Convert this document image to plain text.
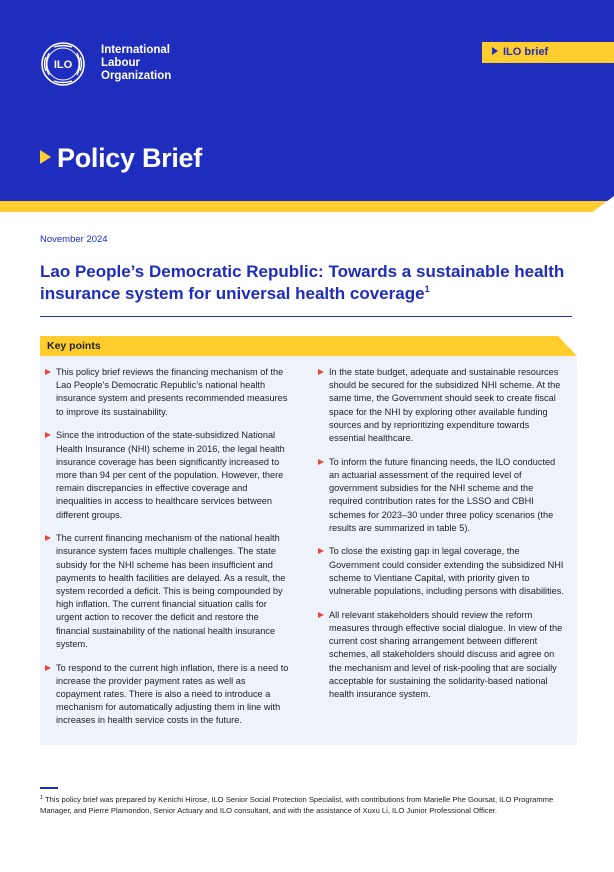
ILO
International
Labour
Organization
ILO brief
Policy Brief
November 2024
Lao People’s Democratic Republic: Towards a sustainable health insurance system for universal health coverage$^1$
Key points
This policy brief reviews the financing mechanism of the Lao People’s Democratic Republic’s national health insurance system and presents recommended measures to improve its sustainability.
Since the introduction of the state-subsidized National Health Insurance (NHI) scheme in 2016, the legal health insurance coverage has been significantly increased to more than 94 per cent of the population. However, there remain discrepancies in effective coverage and inequalities in access to healthcare services between different groups.
The current financing mechanism of the national health insurance system faces multiple challenges. The state subsidy for the NHI scheme has been insufficient and payments to health facilities are delayed. As a result, the system recorded a deficit. This is being compounded by high inflation. The current financial situation calls for urgent action to recover the deficit and restore the financial sustainability of the national health insurance system.
To respond to the current high inflation, there is a need to increase the provider payment rates as well as copayment rates. There is also a need to introduce a mechanism for automatically adjusting them in line with increases in health service costs in the future.
In the state budget, adequate and sustainable resources should be secured for the subsidized NHI scheme. At the same time, the Government should seek to create fiscal space for the NHI by exploring other available funding sources and by reprioritizing expenditure towards essential healthcare.
To inform the future financing needs, the ILO conducted an actuarial assessment of the required level of government subsidies for the NHI scheme and the required contribution rates for the LSSO and CBHI schemes for 2023–30 under three policy scenarios (the results are summarized in table 5).
To close the existing gap in legal coverage, the Government could consider extending the subsidized NHI scheme to Vientiane Capital, with priority given to vulnerable populations, including persons with disabilities.
All relevant stakeholders should review the reform measures through effective social dialogue. In view of the current cost sharing arrangement between different schemes, all stakeholders should discuss and agree on the mechanism and level of risk-pooling that are socially acceptable for sustaining the solidarity-based national health insurance system.
$^1$ This policy brief was prepared by Kenichi Hirose, ILO Senior Social Protection Specialist, with contributions from Marielle Phe Goursat, ILO Programme Manager, and Pierre Plamondon, Senior Actuary and ILO consultant, and with the assistance of Xuxu Li, ILO Junior Professional Officer.
